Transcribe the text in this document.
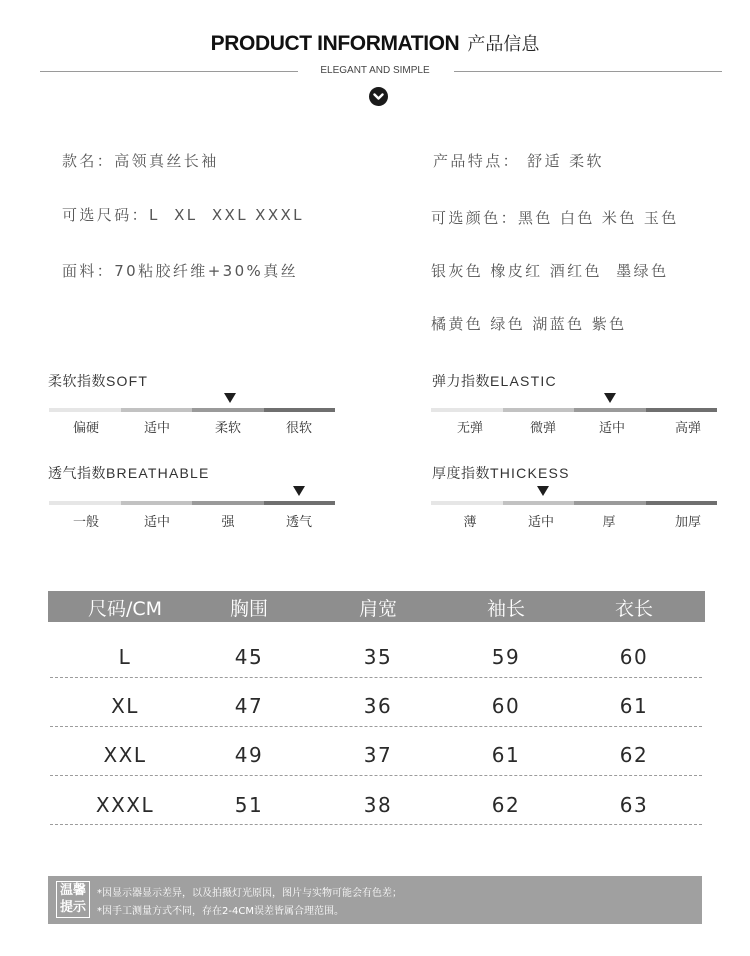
PRODUCT INFORMATION 产品信息
ELEGANT AND SIMPLE
款名：高领真丝长袖
可选尺码：L  XL  XXL XXXL
面料：70粘胶纤维+30%真丝
产品特点： 舒适 柔软
可选颜色：黑色 白色 米色 玉色
银灰色 橡皮红 酒红色  墨绿色
橘黄色 绿色 湖蓝色 紫色
柔软指数SOFT
偏硬	适中	柔软	很软
弹力指数ELASTIC
无弹	微弹	适中	高弹
透气指数BREATHABLE
一般	适中	强	透气
厚度指数THICKESS
薄	适中	厚	加厚
尺码/CM	胸围	肩宽	袖长	衣长
L	45	35	59	60
XL	47	36	60	61
XXL	49	37	61	62
XXXL	51	38	62	63
温馨
提示
*因显示器显示差异，以及拍摄灯光原因，图片与实物可能会有色差；
*因手工测量方式不同，存在2-4CM误差皆属合理范围。
